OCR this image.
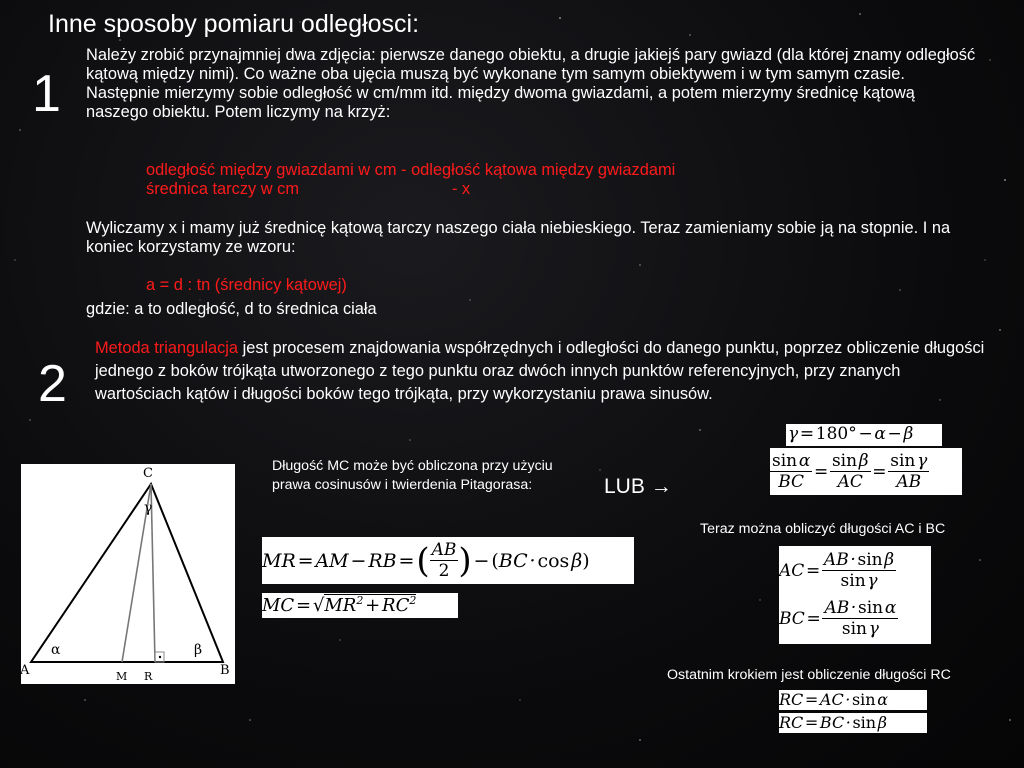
Inne sposoby pomiaru odległosci:
1
Należy zrobić przynajmniej dwa zdjęcia: pierwsze danego obiektu, a drugie jakiejś pary gwiazd (dla której znamy odległość kątową między nimi). Co ważne oba ujęcia muszą być wykonane tym samym obiektywem i w tym samym czasie. Następnie mierzymy sobie odległość w cm/mm itd. między dwoma gwiazdami, a potem mierzymy średnicę kątową naszego obiektu. Potem liczymy na krzyż:
odległość między gwiazdami w cm - odległość kątowa między gwiazdami
średnica tarczy w cm	- x
Wyliczamy x i mamy już średnicę kątową tarczy naszego ciała niebieskiego. Teraz zamieniamy sobie ją na stopnie. I na koniec korzystamy ze wzoru:
a = d : tn (średnicy kątowej)
gdzie: a to odległość, d to średnica ciała
2
Metoda triangulacja jest procesem znajdowania współrzędnych i odległości do danego punktu, poprzez obliczenie długości jednego z boków trójkąta utworzonego z tego punktu oraz dwóch innych punktów referencyjnych, przy znanych wartościach kątów i długości boków tego trójkąta, przy wykorzystaniu prawa sinusów.
C
A	B
M R
α	β
γ
Długość MC może być obliczona przy użyciu prawa cosinusów i twierdenia Pitagorasa:
MR = AM − RB =  ( AB
2 )  − (BC · cos β)
MC = $√MR^2$ + $RC^2$
LUB →
γ = 180° − α − β
$\frac{\text{sin α}}{BC}$  =  $\frac{\text{sin β}}{AC}$  =  $\frac{\text{sin γ}}{AB}$
Teraz można obliczyć długości AC i BC
AC =  $\frac{\text{AB · sin β}}{\text{sin γ}}$
BC =  $\frac{\text{AB · sin α}}{\text{sin γ}}$
Ostatnim krokiem jest obliczenie długości RC
RC = AC · sin α
RC = BC · sin β
